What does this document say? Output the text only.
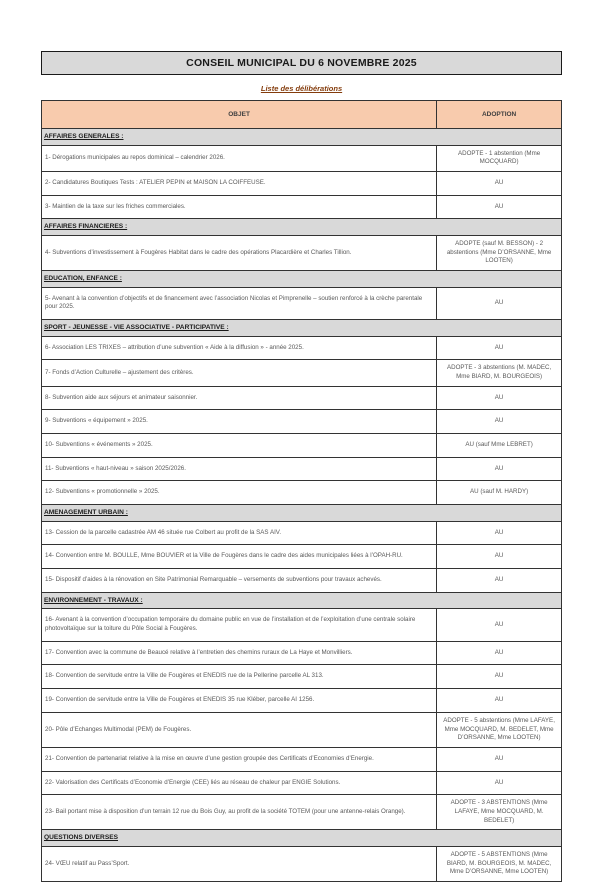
CONSEIL MUNICIPAL DU 6 NOVEMBRE 2025
Liste des délibérations
OBJET	ADOPTION
AFFAIRES GENERALES :	
1- Dérogations municipales au repos dominical – calendrier 2026.	ADOPTE - 1 abstention (Mme MOCQUARD)
2- Candidatures Boutiques Tests : ATELIER PEPIN et MAISON LA COIFFEUSE.	AU
3- Maintien de la taxe sur les friches commerciales.	AU
AFFAIRES FINANCIERES :	
4- Subventions d’investissement à Fougères Habitat dans le cadre des opérations Placardière et Charles Tillion.	ADOPTE (sauf M. BESSON) - 2 abstentions (Mme D’ORSANNE, Mme LOOTEN)
EDUCATION, ENFANCE :	
5- Avenant à la convention d’objectifs et de financement avec l’association Nicolas et Pimprenelle – soutien renforcé à la crèche parentale pour 2025.	AU
SPORT - JEUNESSE - VIE ASSOCIATIVE - PARTICIPATIVE :	
6- Association LES TRIXES – attribution d’une subvention « Aide à la diffusion » - année 2025.	AU
7- Fonds d’Action Culturelle – ajustement des critères.	ADOPTE - 3 abstentions (M. MADEC, Mme BIARD, M. BOURGEOIS)
8- Subvention aide aux séjours et animateur saisonnier.	AU
9- Subventions « équipement » 2025.	AU
10- Subventions « événements » 2025.	AU (sauf Mme LEBRET)
11- Subventions « haut-niveau » saison 2025/2026.	AU
12- Subventions « promotionnelle » 2025.	AU (sauf M. HARDY)
AMENAGEMENT URBAIN :	
13- Cession de la parcelle cadastrée AM 46 située rue Colbert au profit de la SAS AIV.	AU
14- Convention entre M. BOULLE, Mme BOUVIER et la Ville de Fougères dans le cadre des aides municipales liées à l’OPAH-RU.	AU
15- Dispositif d’aides à la rénovation en Site Patrimonial Remarquable – versements de subventions pour travaux achevés.	AU
ENVIRONNEMENT - TRAVAUX :	
16- Avenant à la convention d’occupation temporaire du domaine public en vue de l’installation et de l’exploitation d’une centrale solaire photovoltaïque sur la toiture du Pôle Social à Fougères.	AU
17- Convention avec la commune de Beaucé relative à l’entretien des chemins ruraux de La Haye et Monvilliers.	AU
18- Convention de servitude entre la Ville de Fougères et ENEDIS rue de la Pellerine parcelle AL 313.	AU
19- Convention de servitude entre la Ville de Fougères et ENEDIS 35 rue Kléber, parcelle AI 1256.	AU
20- Pôle d’Echanges Multimodal (PEM) de Fougères.	ADOPTE - 5 abstentions (Mme LAFAYE, Mme MOCQUARD, M. BEDELET, Mme D’ORSANNE, Mme LOOTEN)
21- Convention de partenariat relative à la mise en œuvre d’une gestion groupée des Certificats d’Economies d’Energie.	AU
22- Valorisation des Certificats d’Economie d’Energie (CEE) liés au réseau de chaleur par ENGIE Solutions.	AU
23- Bail portant mise à disposition d’un terrain 12 rue du Bois Guy, au profit de la société TOTEM (pour une antenne-relais Orange).	ADOPTE - 3 ABSTENTIONS (Mme LAFAYE, Mme MOCQUARD, M. BEDELET)
QUESTIONS DIVERSES	
24- VŒU relatif au Pass’Sport.	ADOPTE - 5 ABSTENTIONS (Mme BIARD, M. BOURGEOIS, M. MADEC, Mme D’ORSANNE, Mme LOOTEN)
